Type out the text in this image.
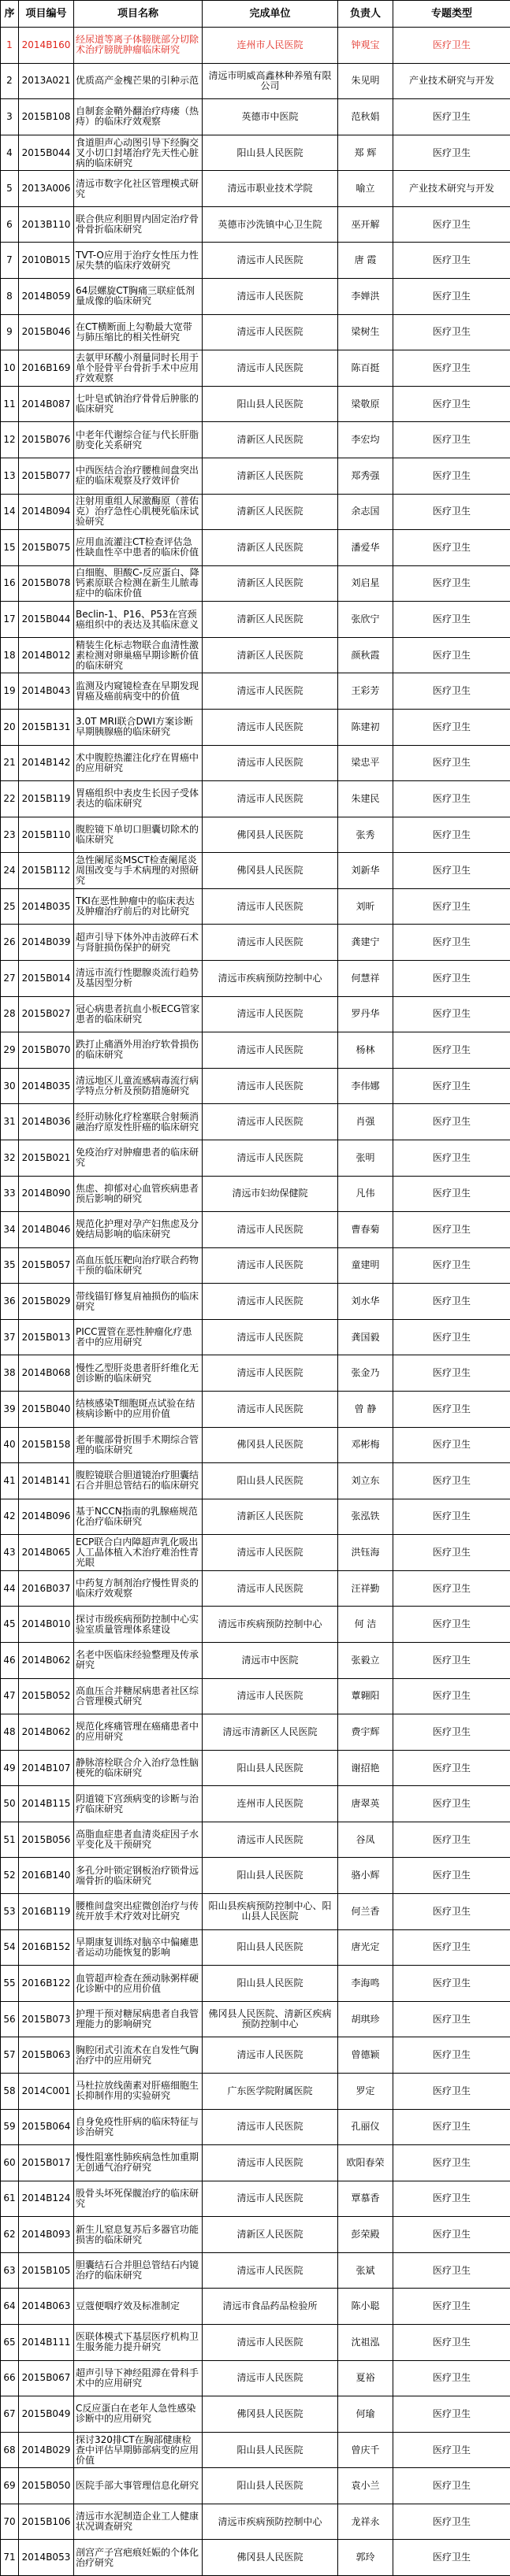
序	项目编号	项目名称	完成单位	负责人	专题类型

1	2014B160	经尿道等离子体膀胱部分切除术治疗膀胱肿瘤临床研究	连州市人民医院	钟观宝	医疗卫生

2	2013A021	优质高产金槐芒果的引种示范	清远市明威高鑫林种养殖有限公司	朱见明	产业技术研究与开发

3	2015B108	自制套金鞘外翻治疗痔瘘（热痔）的临床疗效观察	英德市中医院	范秋娟	医疗卫生

4	2015B044	食道胆声心动图引导下经胸交叉小切口封堵治疗先天性心脏病的临床研究	阳山县人民医院	郑 辉	医疗卫生

5	2013A006	清远市数字化社区管理模式研究	清远市职业技术学院	喻立	产业技术研究与开发

6	2013B110	联合供应利胆胃内固定治疗骨骨骨折临床研究	英德市沙洗镇中心卫生院	巫开解	医疗卫生

7	2010B015	TVT-O应用于治疗女性压力性尿失禁的临床疗效研究	清远市人民医院	唐 霞	医疗卫生

8	2014B059	64层螺旋CT胸痛三联症低剂量成像的临床研究	清远市人民医院	李婵洪	医疗卫生

9	2015B046	在CT横断面上勾勒最大宽带与肺压缩比的相关性研究	清远市人民医院	梁树生	医疗卫生

10	2016B169	去氨甲环酸小剂量同时长用于单个胫骨平台骨折手术中应用疗效观察	清远市人民医院	陈百挺	医疗卫生

11	2014B087	七叶皂甙钠治疗骨骨后肿胀的临床研究	阳山县人民医院	梁敬原	医疗卫生

12	2015B076	中老年代谢综合征与代长肝脂肪变化关系研究	清新区人民医院	李宏均	医疗卫生

13	2015B077	中西医结合治疗腰椎间盘突出症的临床观察及疗效评价	清新区人民医院	郑秀强	医疗卫生

14	2014B094	注射用重组人尿激酶原（普佑克）治疗急性心肌梗死临床试验研究	清新区人民医院	余志国	医疗卫生

15	2015B075	应用血流灌注CT检查评估急性缺血性卒中患者的临床价值	清新区人民医院	潘爱华	医疗卫生

16	2015B078	白细胞、胆酸C-反应蛋白、降钙素原联合检测在新生儿脓毒症中的临床价值	清新区人民医院	刘启星	医疗卫生

17	2015B044	Beclin-1、P16、P53在宫颈癌组织中的表达及其临床意义	清新区人民医院	张欣宁	医疗卫生

18	2014B012	精装生化标志物联合血清性激素检测对卵巢癌早期诊断价值的临床研究	清新区人民医院	颜秋霞	医疗卫生

19	2014B043	监测及内窥镜检查在早期发现胃癌及癌前病变中的价值	清远市人民医院	王彩芳	医疗卫生

20	2015B131	3.0T MRI联合DWI方案诊断早期胰腺癌的临床研究	清远市人民医院	陈建初	医疗卫生

21	2014B142	术中腹腔热灌注化疗在胃癌中的应用研究	清远市人民医院	梁忠平	医疗卫生

22	2015B119	胃癌组织中表皮生长因子受体表达的临床研究	清远市人民医院	朱建民	医疗卫生

23	2015B110	腹腔镜下单切口胆囊切除术的临床研究	佛冈县人民医院	张秀	医疗卫生

24	2015B112	急性阑尾炎MSCT检查阑尾炎周围改变与手术病理的对照研究	佛冈县人民医院	刘新华	医疗卫生

25	2014B035	TKI在恶性肿瘤中的临床表达及肿瘤治疗前后的对比研究	清远市人民医院	刘昕	医疗卫生

26	2014B039	超声引导下体外冲击波碎石术与肾脏损伤保护的研究	清远市人民医院	龚建宁	医疗卫生

27	2015B014	清远市流行性腮腺炎流行趋势及基因型分析	清远市疾病预防控制中心	何慧祥	医疗卫生

28	2015B027	冠心病患者抗血小板ECG管家患者的临床研究	清远市人民医院	罗丹华	医疗卫生

29	2015B070	跌打止痛酒外用治疗软骨损伤的临床研究	清远市人民医院	杨林	医疗卫生

30	2014B035	清远地区儿童流感病毒流行病学特点分析及预防措施研究	清远市人民医院	李伟娜	医疗卫生

31	2014B036	经肝动脉化疗栓塞联合射频消融治疗原发性肝癌的临床研究	清远市人民医院	肖强	医疗卫生

32	2015B021	免疫治疗对肿瘤患者的临床研究	清远市人民医院	张明	医疗卫生

33	2014B090	焦虑、抑郁对心血管疾病患者预后影响的研究	清远市妇幼保健院	凡伟	医疗卫生

34	2014B046	规范化护理对孕产妇焦虑及分娩结局影响的临床研究	清远市人民医院	曹春菊	医疗卫生

35	2015B057	高血压低压靶向治疗联合药物干预的临床研究	清远市人民医院	童建明	医疗卫生

36	2015B029	带线锚钉修复肩袖损伤的临床研究	清远市人民医院	刘水华	医疗卫生

37	2015B013	PICC置管在恶性肿瘤化疗患者中的应用研究	清远市人民医院	龚国毅	医疗卫生

38	2014B068	慢性乙型肝炎患者肝纤维化无创诊断的临床研究	清远市人民医院	张金乃	医疗卫生

39	2015B040	结核感染T细胞斑点试验在结核病诊断中的应用价值	清远市人民医院	曾 静	医疗卫生

40	2015B158	老年髋部骨折围手术期综合管理的临床研究	佛冈县人民医院	邓彬梅	医疗卫生

41	2014B141	腹腔镜联合胆道镜治疗胆囊结石合并胆总管结石的临床研究	阳山县人民医院	刘立东	医疗卫生

42	2014B096	基于NCCN指南的乳腺癌规范化治疗临床研究	清新区人民医院	张泓铁	医疗卫生

43	2014B065	ECP联合白内障超声乳化吸出人工晶体植入术治疗难治性青光眼	清远市人民医院	洪钰海	医疗卫生

44	2016B037	中药复方制剂治疗慢性胃炎的临床疗效观察	清远市人民医院	汪祥勤	医疗卫生

45	2014B010	探讨市级疾病预防控制中心实验室质量管理体系建设	清远市疾病预防控制中心	何 洁	医疗卫生

46	2014B062	名老中医临床经验整理及传承研究	清远市中医院	张毅立	医疗卫生

47	2015B052	高血压合并糖尿病患者社区综合管理模式研究	清远市人民医院	蕈翱阳	医疗卫生

48	2014B062	规范化疼痛管理在癌痛患者中的应用研究	清远市清新区人民医院	费宇辉	医疗卫生

49	2014B107	静脉溶栓联合介入治疗急性脑梗死的临床研究	阳山县人民医院	谢招艳	医疗卫生

50	2014B115	阴道镜下宫颈病变的诊断与治疗临床研究	连州市人民医院	唐翠英	医疗卫生

51	2015B056	高脂血症患者血清炎症因子水平变化及干预研究	清远市人民医院	谷凤	医疗卫生

52	2016B140	多孔分叶锁定钢板治疗锁骨远端骨折的临床研究	阳山县人民医院	骆小辉	医疗卫生

53	2016B119	腰椎间盘突出症微创治疗与传统开放手术疗效对比研究	阳山县疾病预防控制中心、阳山县人民医院	何兰香	医疗卫生

54	2016B152	早期康复训练对脑卒中偏瘫患者运动功能恢复的影响	阳山县人民医院	唐光定	医疗卫生

55	2016B122	血管超声检查在颈动脉粥样硬化诊断中的应用价值	阳山县人民医院	李海鸣	医疗卫生

56	2015B073	护理干预对糖尿病患者自我管理能力的影响研究	佛冈县人民医院、清新区疾病预防控制中心	胡琪珍	医疗卫生

57	2015B063	胸腔闭式引流术在自发性气胸治疗中的应用研究	清远市人民医院	曾德颖	医疗卫生

58	2014C001	马杜拉放线菌素对肝癌细胞生长抑制作用的实验研究	广东医学院附属医院	罗定	医疗卫生

59	2015B064	自身免疫性肝病的临床特征与诊治研究	清远市人民医院	孔丽仪	医疗卫生

60	2015B017	慢性阻塞性肺疾病急性加重期无创通气治疗研究	清远市人民医院	欧阳春荣	医疗卫生

61	2014B124	股骨头坏死保髋治疗的临床研究	清远市人民医院	覃慕香	医疗卫生

62	2014B093	新生儿窒息复苏后多器官功能损害的临床研究	清新区人民医院	彭荣殿	医疗卫生

63	2015B105	胆囊结石合并胆总管结石内镜治疗的临床研究	清远市人民医院	张斌	医疗卫生

64	2014B063	豆蔻便咽疗效及标准制定	清远市食品药品检验所	陈小聪	医疗卫生

65	2014B111	医联体模式下基层医疗机构卫生服务能力提升研究	清远市人民医院	沈祖泓	医疗卫生

66	2015B067	超声引导下神经阻滞在骨科手术中的应用研究	清远市人民医院	夏裕	医疗卫生

67	2015B049	C反应蛋白在老年人急性感染诊断中的应用研究	佛冈县人民医院	何瑜	医疗卫生

68	2014B029	探讨320排CT在胸部健康检查中评估早期肺部病变的应用价值	阳山县人民医院	曾庆千	医疗卫生

69	2015B050	医院手部大事管理信息化研究	阳山县人民医院	袁小兰	医疗卫生

70	2015B106	清远市水泥制造企业工人健康状况调查研究	清远市疾病预防控制中心	龙祥永	医疗卫生

71	2014B053	剖宫产子宫疤痕妊娠的个体化治疗研究	佛冈县人民医院	郭玲	医疗卫生
